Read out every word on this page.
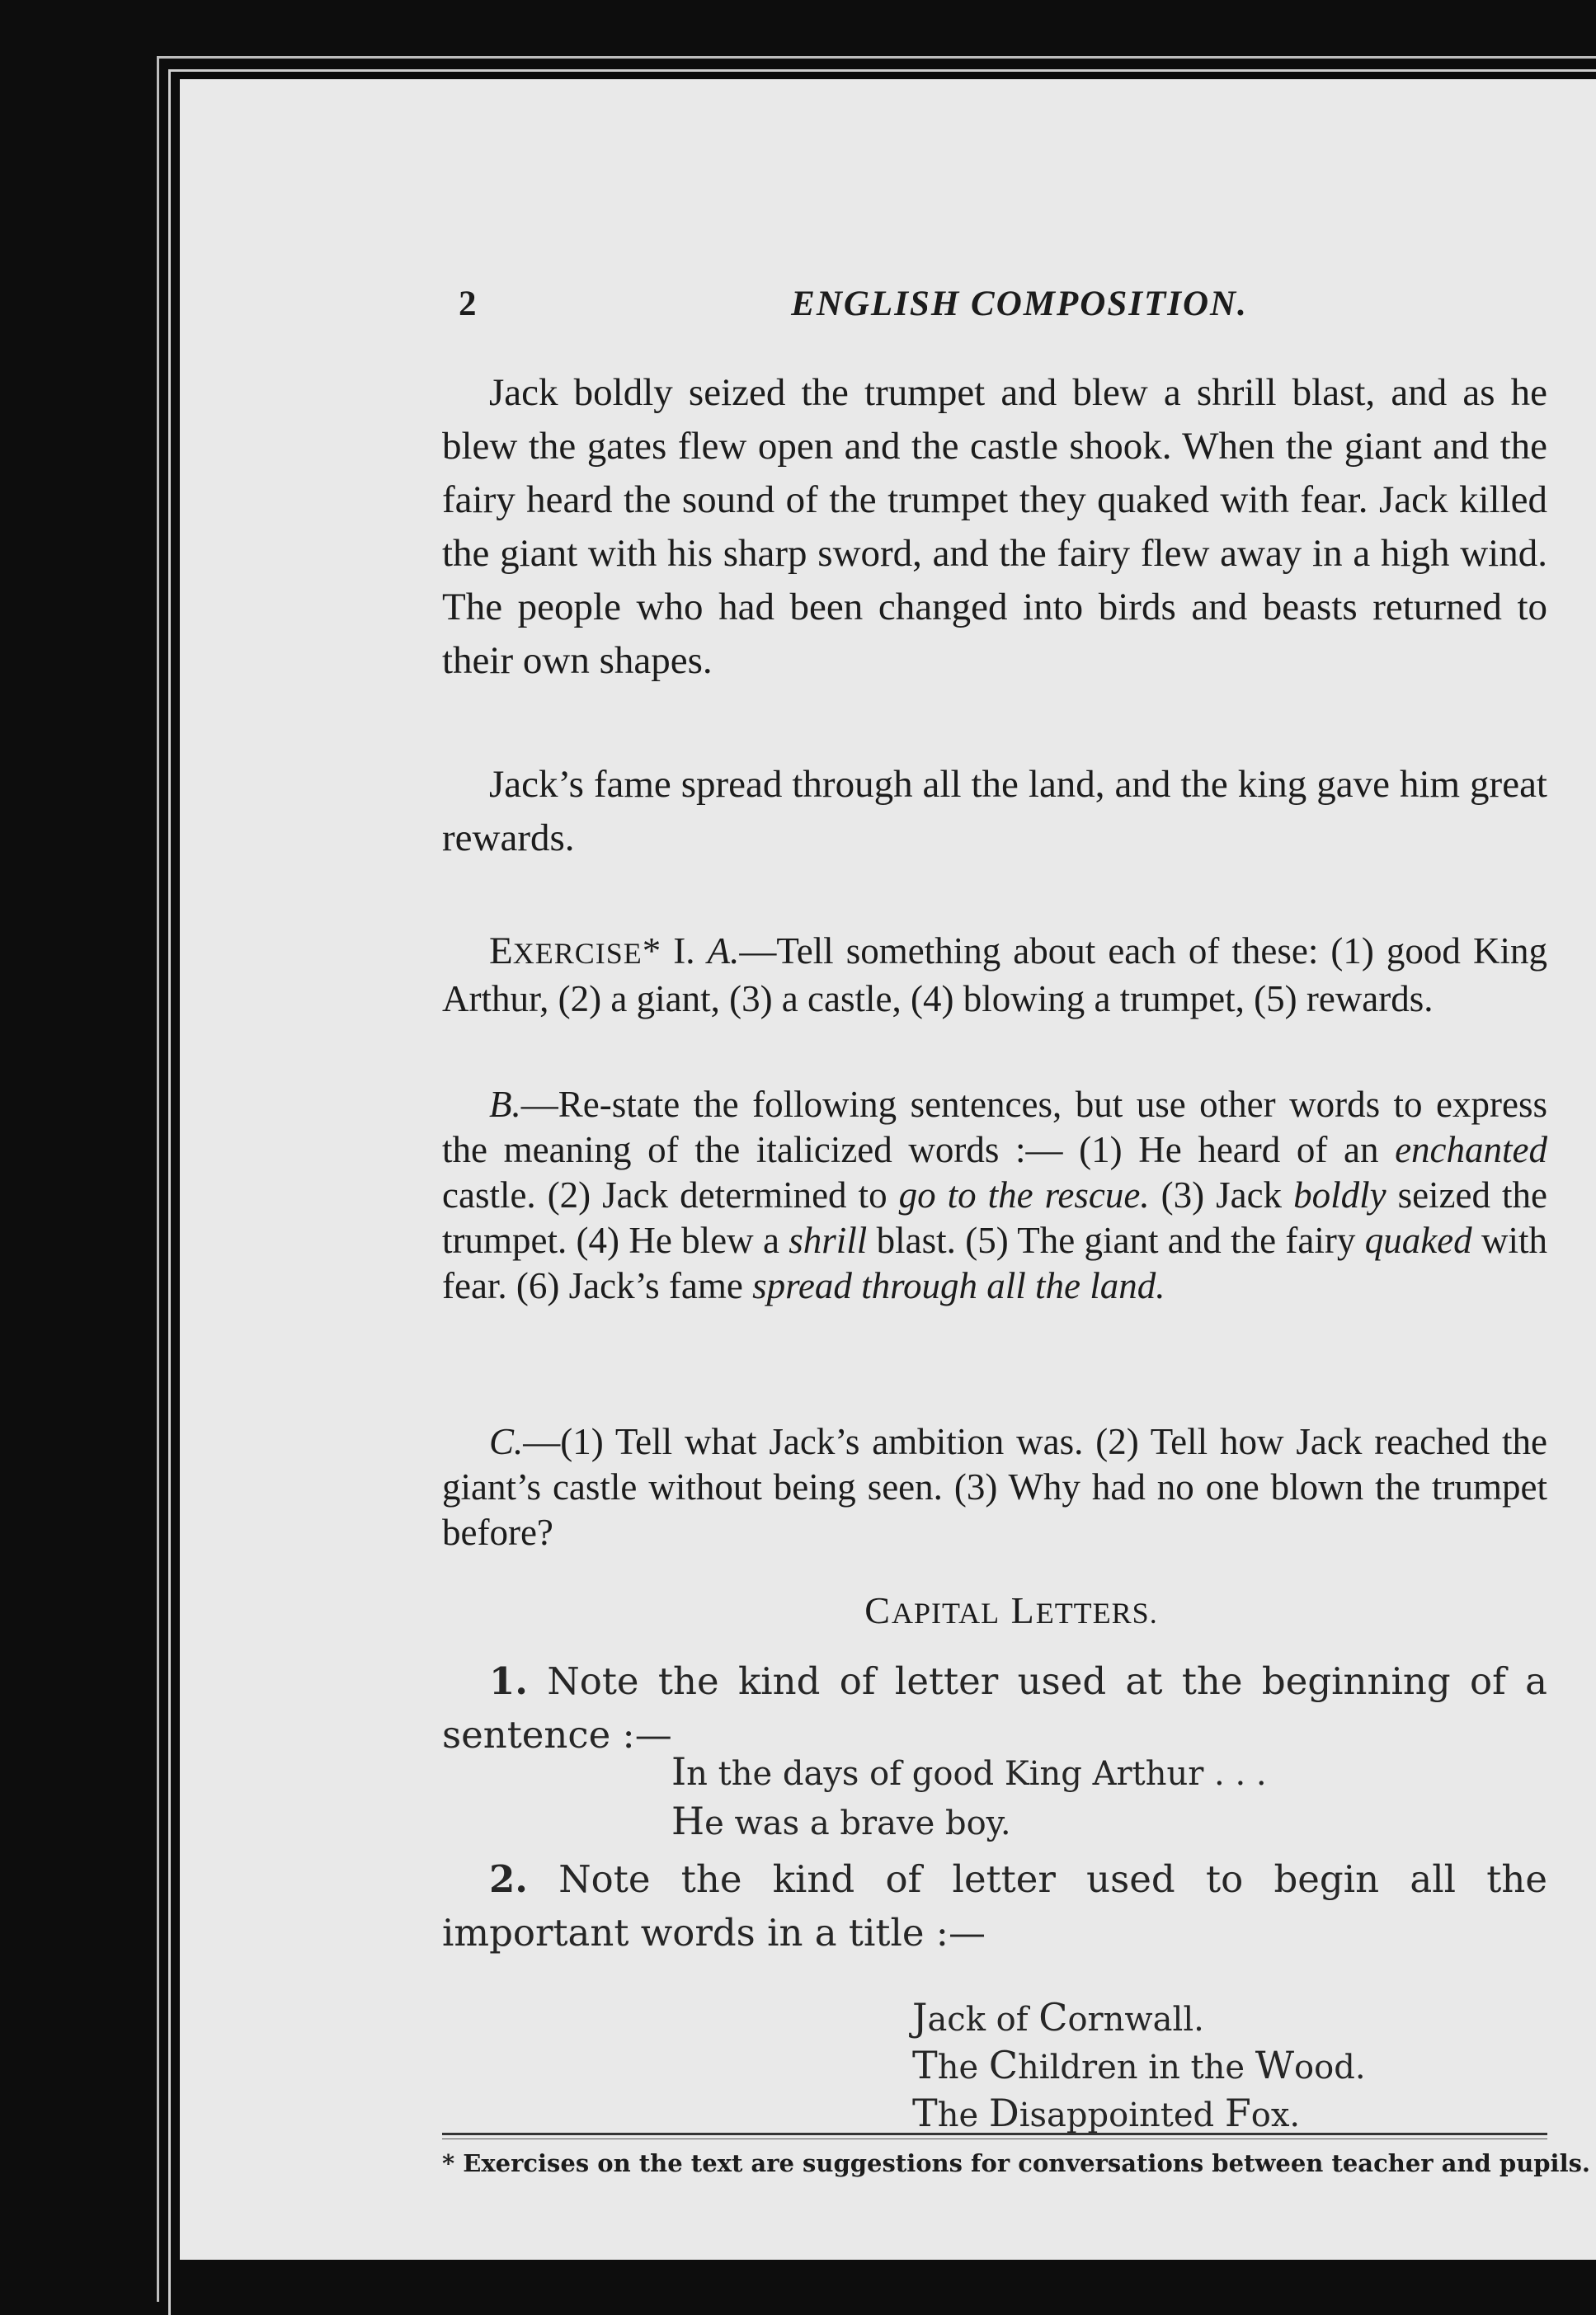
2	ENGLISH COMPOSITION.

Jack boldly seized the trumpet and blew a shrill blast, and as he blew the gates flew open and the castle shook. When the giant and the fairy heard the sound of the trumpet they quaked with fear. Jack killed the giant with his sharp sword, and the fairy flew away in a high wind. The people who had been changed into birds and beasts returned to their own shapes.

Jack’s fame spread through all the land, and the king gave him great rewards.

EXERCISE* I. A.—Tell something about each of these: (1) good King Arthur, (2) a giant, (3) a castle, (4) blowing a trumpet, (5) rewards.

B.—Re-state the following sentences, but use other words to express the meaning of the italicized words :— (1) He heard of an enchanted castle. (2) Jack determined to go to the rescue. (3) Jack boldly seized the trumpet. (4) He blew a shrill blast. (5) The giant and the fairy quaked with fear. (6) Jack’s fame spread through all the land.

C.—(1) Tell what Jack’s ambition was. (2) Tell how Jack reached the giant’s castle without being seen. (3) Why had no one blown the trumpet before?

CAPITAL LETTERS.

1. Note the kind of letter used at the beginning of a sentence :—

In the days of good King Arthur . . .
He was a brave boy.

2. Note the kind of letter used to begin all the important words in a title :—

Jack of Cornwall.
The Children in the Wood.
The Disappointed Fox.
* Exercises on the text are suggestions for conversations between teacher and pupils.
